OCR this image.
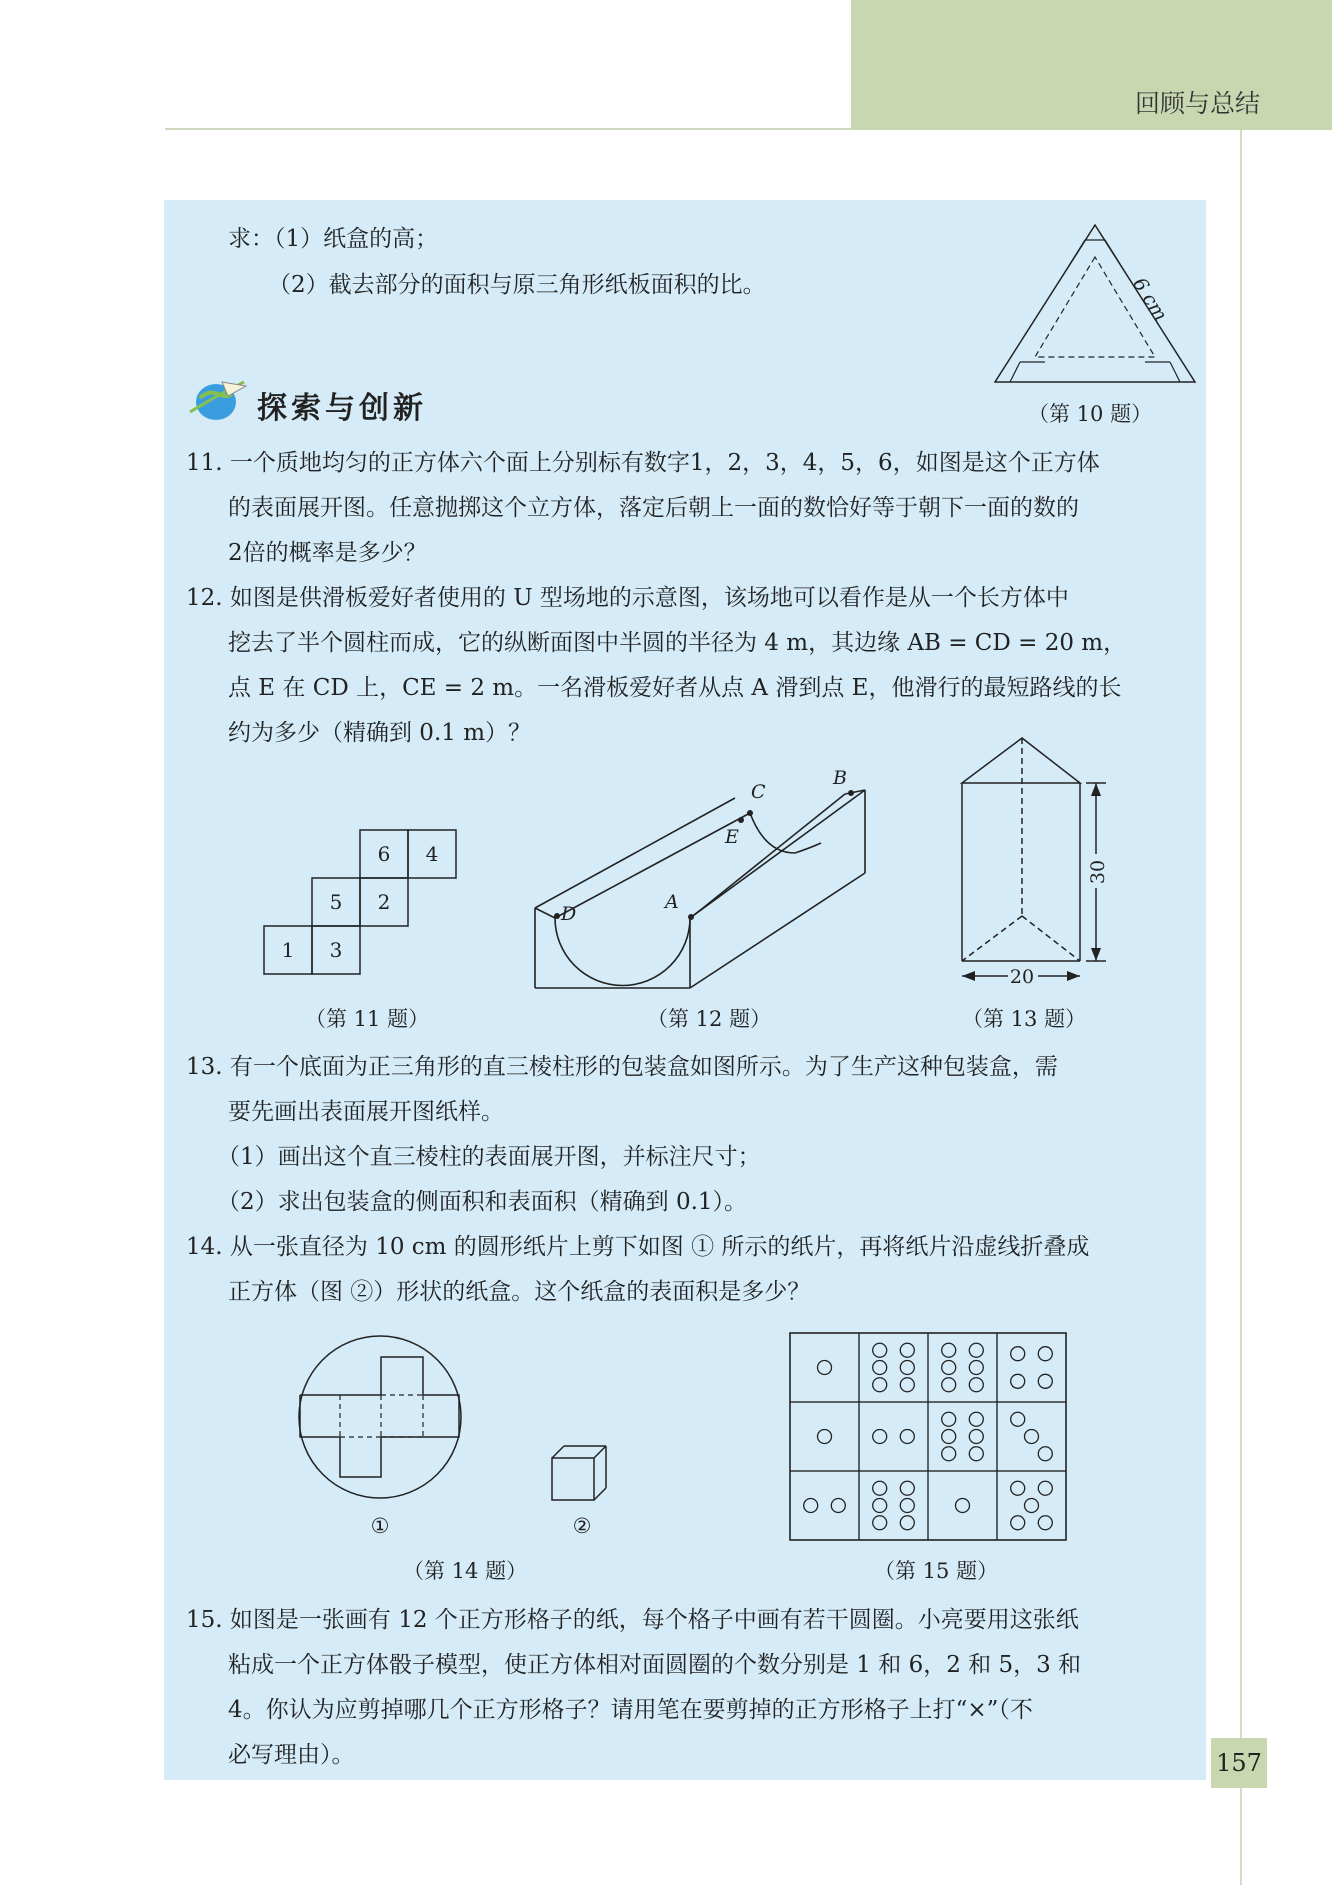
回顾与总结
求：（1）纸盒的高；
（2）截去部分的面积与原三角形纸板面积的比。	6 cm
（第 10 题）
探索与创新
11. 一个质地均匀的正方体六个面上分别标有数字1，2，3，4，5，6，如图是这个正方体
的表面展开图。任意抛掷这个立方体，落定后朝上一面的数恰好等于朝下一面的数的
2倍的概率是多少？
12. 如图是供滑板爱好者使用的 U 型场地的示意图，该场地可以看作是从一个长方体中
挖去了半个圆柱而成，它的纵断面图中半圆的半径为 4 m，其边缘 AB = CD = 20 m，
点 E 在 CD 上，CE = 2 m。一名滑板爱好者从点 A 滑到点 E，他滑行的最短路线的长
约为多少（精确到 0.1 m）？
6 4
5 2
1 3
（第 11 题）
C
B
E
D
A
（第 12 题）
30
20
（第 13 题）
13. 有一个底面为正三角形的直三棱柱形的包装盒如图所示。为了生产这种包装盒，需
要先画出表面展开图纸样。
（1）画出这个直三棱柱的表面展开图，并标注尺寸；
（2）求出包装盒的侧面积和表面积（精确到 0.1）。
14. 从一张直径为 10 cm 的圆形纸片上剪下如图 ① 所示的纸片，再将纸片沿虚线折叠成
正方体（图 ②）形状的纸盒。这个纸盒的表面积是多少？
①	②
（第 14 题）	（第 15 题）
15. 如图是一张画有 12 个正方形格子的纸，每个格子中画有若干圆圈。小亮要用这张纸
粘成一个正方体骰子模型，使正方体相对面圆圈的个数分别是 1 和 6，2 和 5，3 和
4。你认为应剪掉哪几个正方形格子？请用笔在要剪掉的正方形格子上打“×”（不
必写理由）。	157
